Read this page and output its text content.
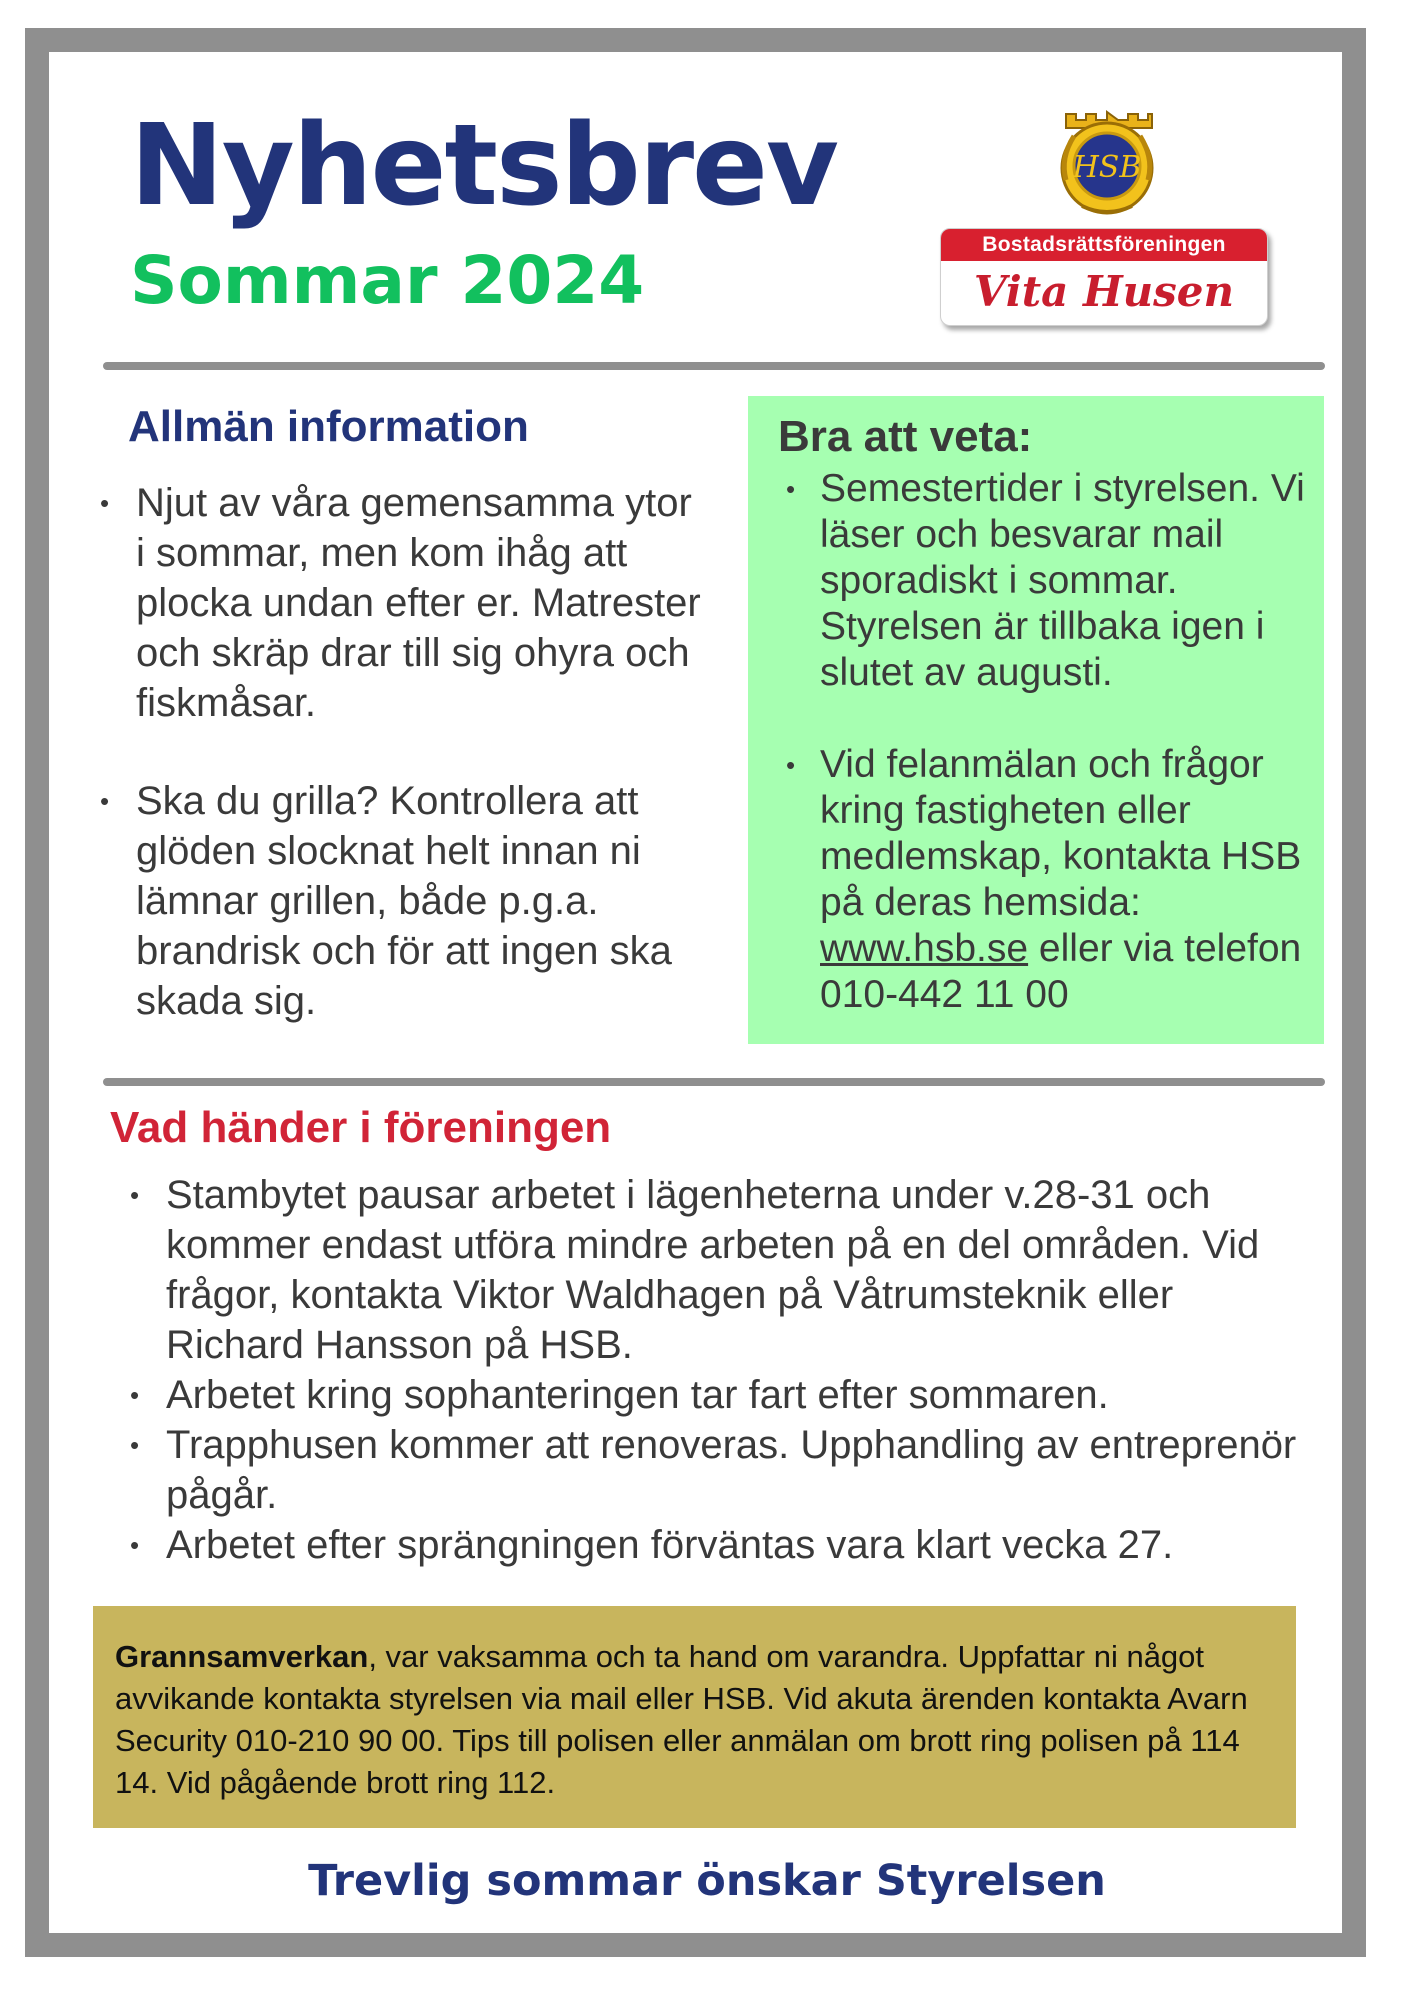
Nyhetsbrev
Sommar 2024
HSB
Bostadsrättsföreningen
Vita Husen
Allmän information
• Njut av våra gemensamma ytor i sommar, men kom ihåg att plocka undan efter er. Matrester och skräp drar till sig ohyra och fiskmåsar.
• Ska du grilla? Kontrollera att glöden slocknat helt innan ni lämnar grillen, både p.g.a. brandrisk och för att ingen ska skada sig.
Bra att veta:
• Semestertider i styrelsen. Vi läser och besvarar mail sporadiskt i sommar. Styrelsen är tillbaka igen i slutet av augusti.
• Vid felanmälan och frågor kring fastigheten eller medlemskap, kontakta HSB på deras hemsida: www.hsb.se eller via telefon 010-442 11 00
Vad händer i föreningen
• Stambytet pausar arbetet i lägenheterna under v.28-31 och kommer endast utföra mindre arbeten på en del områden. Vid frågor, kontakta Viktor Waldhagen på Våtrumsteknik eller Richard Hansson på HSB.
• Arbetet kring sophanteringen tar fart efter sommaren.
• Trapphusen kommer att renoveras. Upphandling av entreprenör pågår.
• Arbetet efter sprängningen förväntas vara klart vecka 27.
Grannsamverkan, var vaksamma och ta hand om varandra. Uppfattar ni något avvikande kontakta styrelsen via mail eller HSB. Vid akuta ärenden kontakta Avarn Security 010-210 90 00. Tips till polisen eller anmälan om brott ring polisen på 114 14. Vid pågående brott ring 112.
Trevlig sommar önskar Styrelsen
